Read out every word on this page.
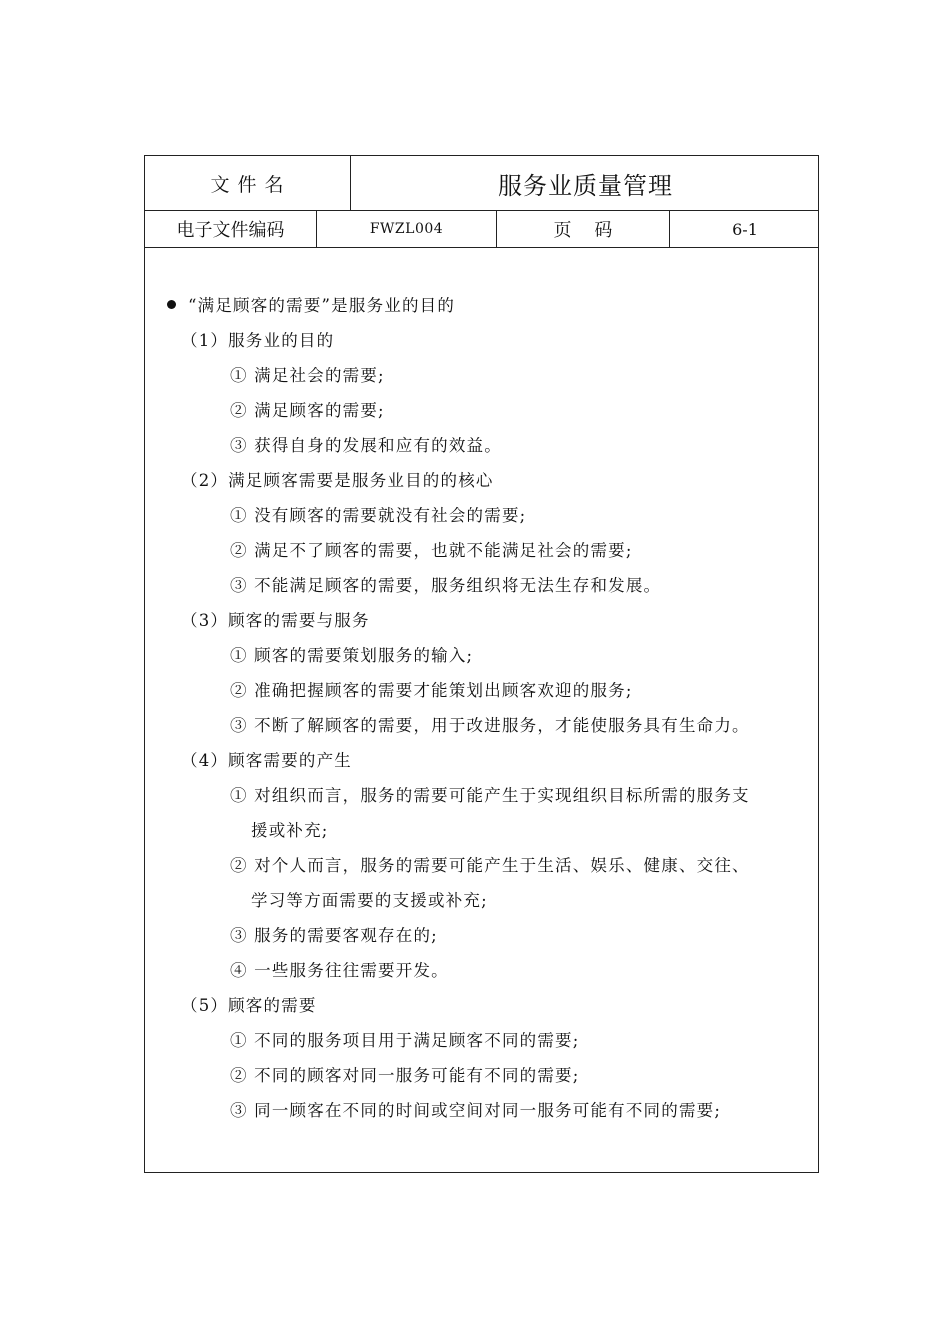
文 件 名	服务业质量管理
电子文件编码	FWZL004	页    码	6-1
“满足顾客的需要”是服务业的目的
（1）服务业的目的
① 满足社会的需要;
② 满足顾客的需要;
③ 获得自身的发展和应有的效益。
（2）满足顾客需要是服务业目的的核心
① 没有顾客的需要就没有社会的需要;
② 满足不了顾客的需要，也就不能满足社会的需要;
③ 不能满足顾客的需要，服务组织将无法生存和发展。
（3）顾客的需要与服务
① 顾客的需要策划服务的输入;
② 准确把握顾客的需要才能策划出顾客欢迎的服务;
③ 不断了解顾客的需要，用于改进服务，才能使服务具有生命力。
（4）顾客需要的产生
① 对组织而言，服务的需要可能产生于实现组织目标所需的服务支
援或补充;
② 对个人而言，服务的需要可能产生于生活、娱乐、健康、交往、
学习等方面需要的支援或补充;
③ 服务的需要客观存在的;
④ 一些服务往往需要开发。
（5）顾客的需要
① 不同的服务项目用于满足顾客不同的需要;
② 不同的顾客对同一服务可能有不同的需要;
③ 同一顾客在不同的时间或空间对同一服务可能有不同的需要;
